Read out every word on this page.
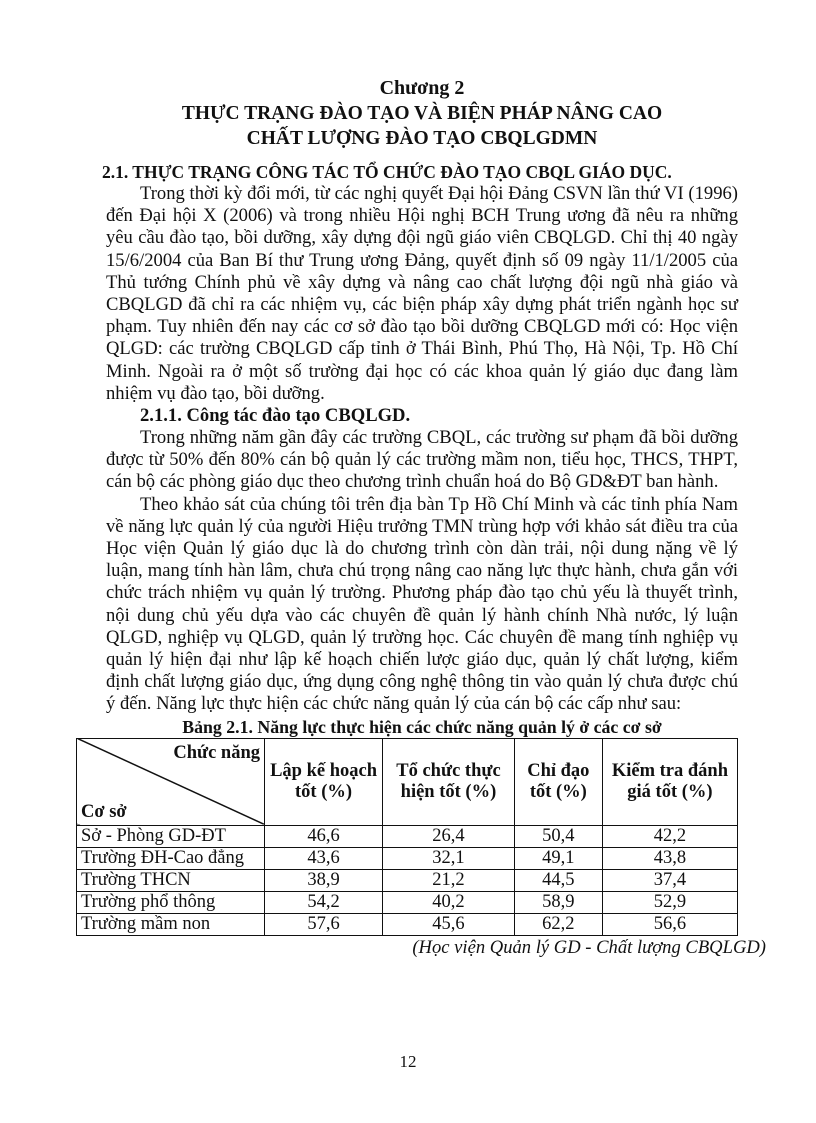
Chương 2
THỰC TRẠNG ĐÀO TẠO VÀ BIỆN PHÁP NÂNG CAO
CHẤT LƯỢNG ĐÀO TẠO CBQLGDMN
2.1. THỰC TRẠNG CÔNG TÁC TỔ CHỨC ĐÀO TẠO CBQL GIÁO DỤC.

Trong thời kỳ đổi mới, từ các nghị quyết Đại hội Đảng CSVN lần thứ VI (1996) đến Đại hội X (2006) và trong nhiều Hội nghị BCH Trung ương đã nêu ra những yêu cầu đào tạo, bồi dưỡng, xây dựng đội ngũ giáo viên CBQLGD. Chỉ thị 40 ngày 15/6/2004 của Ban Bí thư Trung ương Đảng, quyết định số 09 ngày 11/1/2005 của Thủ tướng Chính phủ về xây dựng và nâng cao chất lượng đội ngũ nhà giáo và CBQLGD đã chỉ ra các nhiệm vụ, các biện pháp xây dựng phát triển ngành học sư phạm. Tuy nhiên đến nay các cơ sở đào tạo bồi dưỡng CBQLGD mới có: Học viện QLGD: các trường CBQLGD cấp tỉnh ở Thái Bình, Phú Thọ, Hà Nội, Tp. Hồ Chí Minh. Ngoài ra ở một số trường đại học có các khoa quản lý giáo dục đang làm nhiệm vụ đào tạo, bồi dưỡng.

2.1.1. Công tác đào tạo CBQLGD.

Trong những năm gần đây các trường CBQL, các trường sư phạm đã bồi dưỡng được từ 50% đến 80% cán bộ quản lý các trường mầm non, tiểu học, THCS, THPT, cán bộ các phòng giáo dục theo chương trình chuẩn hoá do Bộ GD&ĐT ban hành.

Theo khảo sát của chúng tôi trên địa bàn Tp Hồ Chí Minh và các tỉnh phía Nam về năng lực quản lý của người Hiệu trưởng TMN trùng hợp với khảo sát điều tra của Học viện Quản lý giáo dục là do chương trình còn dàn trải, nội dung nặng về lý luận, mang tính hàn lâm, chưa chú trọng nâng cao năng lực thực hành, chưa gắn với chức trách nhiệm vụ quản lý trường. Phương pháp đào tạo chủ yếu là thuyết trình, nội dung chủ yếu dựa vào các chuyên đề quản lý hành chính Nhà nước, lý luận QLGD, nghiệp vụ QLGD, quản lý trường học. Các chuyên đề mang tính nghiệp vụ quản lý hiện đại như lập kế hoạch chiến lược giáo dục, quản lý chất lượng, kiểm định chất lượng giáo dục, ứng dụng công nghệ thông tin vào quản lý chưa được chú ý đến. Năng lực thực hiện các chức năng quản lý của cán bộ các cấp như sau:

Bảng 2.1. Năng lực thực hiện các chức năng quản lý ở các cơ sở

Chức năng
Cơ sở	Lập kế hoạch tốt (%)	Tổ chức thực hiện tốt (%)	Chỉ đạo tốt (%)	Kiểm tra đánh giá tốt (%)
Sở - Phòng GD-ĐT	46,6	26,4	50,4	42,2
Trường ĐH-Cao đẳng	43,6	32,1	49,1	43,8
Trường THCN	38,9	21,2	44,5	37,4
Trường phổ thông	54,2	40,2	58,9	52,9
Trường mầm non	57,6	45,6	62,2	56,6
(Học viện Quản lý GD - Chất lượng CBQLGD)
12
